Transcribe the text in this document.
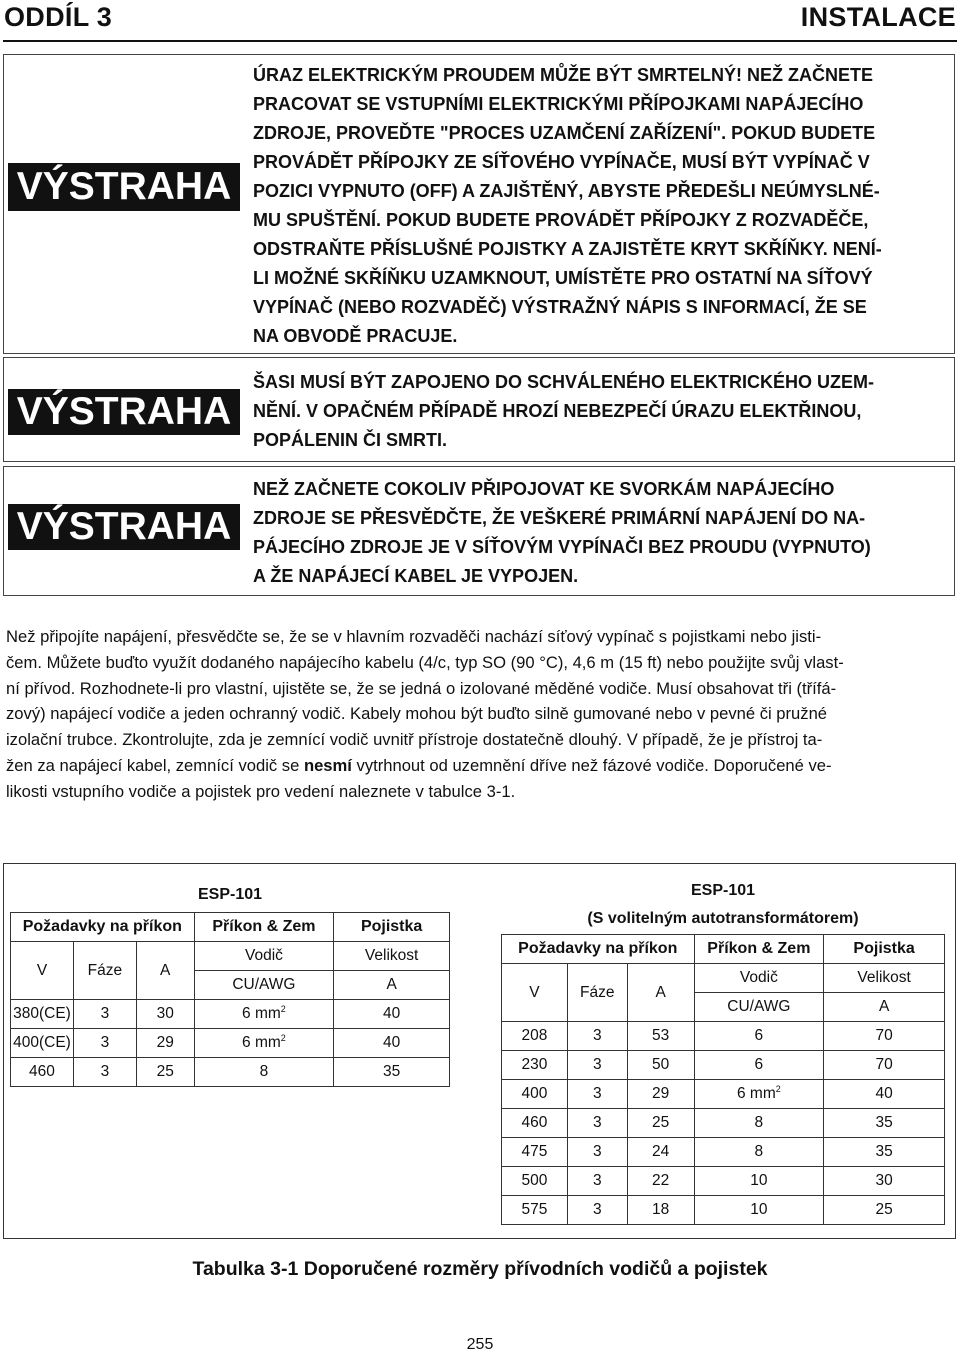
ODDÍL 3	INSTALACE
VÝSTRAHA
ÚRAZ ELEKTRICKÝM PROUDEM MŮŽE BÝT SMRTELNÝ! NEŽ ZAČNETE
PRACOVAT SE VSTUPNÍMI ELEKTRICKÝMI PŘÍPOJKAMI NAPÁJECÍHO
ZDROJE, PROVEĎTE "PROCES UZAMČENÍ ZAŘÍZENÍ". POKUD BUDETE
PROVÁDĚT PŘÍPOJKY ZE SÍŤOVÉHO VYPÍNAČE, MUSÍ BÝT VYPÍNAČ V
POZICI VYPNUTO (OFF) A ZAJIŠTĚNÝ, ABYSTE PŘEDEŠLI NEÚMYSLNÉ-
MU SPUŠTĚNÍ. POKUD BUDETE PROVÁDĚT PŘÍPOJKY Z ROZVADĚČE,
ODSTRAŇTE PŘÍSLUŠNÉ POJISTKY A ZAJISTĚTE KRYT SKŘÍŇKY. NENÍ-
LI MOŽNÉ SKŘÍŇKU UZAMKNOUT, UMÍSTĚTE PRO OSTATNÍ NA SÍŤOVÝ
VYPÍNAČ (NEBO ROZVADĚČ) VÝSTRAŽNÝ NÁPIS S INFORMACÍ, ŽE SE
NA OBVODĚ PRACUJE.
VÝSTRAHA
ŠASI MUSÍ BÝT ZAPOJENO DO SCHVÁLENÉHO ELEKTRICKÉHO UZEM-
NĚNÍ. V OPAČNÉM PŘÍPADĚ HROZÍ NEBEZPEČÍ ÚRAZU ELEKTŘINOU,
POPÁLENIN ČI SMRTI.
VÝSTRAHA
NEŽ ZAČNETE COKOLIV PŘIPOJOVAT KE SVORKÁM NAPÁJECÍHO
ZDROJE SE PŘESVĚDČTE, ŽE VEŠKERÉ PRIMÁRNÍ NAPÁJENÍ DO NA-
PÁJECÍHO ZDROJE JE V SÍŤOVÝM VYPÍNAČI BEZ PROUDU (VYPNUTO)
A ŽE NAPÁJECÍ KABEL JE VYPOJEN.
Než připojíte napájení, přesvědčte se, že se v hlavním rozvaděči nachází síťový vypínač s pojistkami nebo jisti-
čem. Můžete buďto využít dodaného napájecího kabelu (4/c, typ SO (90 °C), 4,6 m (15 ft) nebo použijte svůj vlast-
ní přívod. Rozhodnete-li pro vlastní, ujistěte se, že se jedná o izolované měděné vodiče. Musí obsahovat tři (třífá-
zový) napájecí vodiče a jeden ochranný vodič. Kabely mohou být buďto silně gumované nebo v pevné či pružné
izolační trubce. Zkontrolujte, zda je zemnící vodič uvnitř přístroje dostatečně dlouhý. V případě, že je přístroj ta-
žen za napájecí kabel, zemnící vodič se nesmí vytrhnout od uzemnění dříve než fázové vodiče. Doporučené ve-
likosti vstupního vodiče a pojistek pro vedení naleznete v tabulce 3-1.
ESP-101				
Požadavky na příkon			Příkon & Zem	Pojistka
V	Fáze	A	Vodič	Velikost
			CU/AWG	A
380(CE)	3	30	6 $mm^2$	40
400(CE)	3	29	6 $mm^2$	40
460	3	25	8	35
ESP-101				
(S volitelným autotransformátorem)				
Požadavky na příkon			Příkon & Zem	Pojistka
V	Fáze	A	Vodič	Velikost
			CU/AWG	A
208	3	53	6	70
230	3	50	6	70
400	3	29	6 $mm^2$	40
460	3	25	8	35
475	3	24	8	35
500	3	22	10	30
575	3	18	10	25
Tabulka 3-1 Doporučené rozměry přívodních vodičů a pojistek
255
